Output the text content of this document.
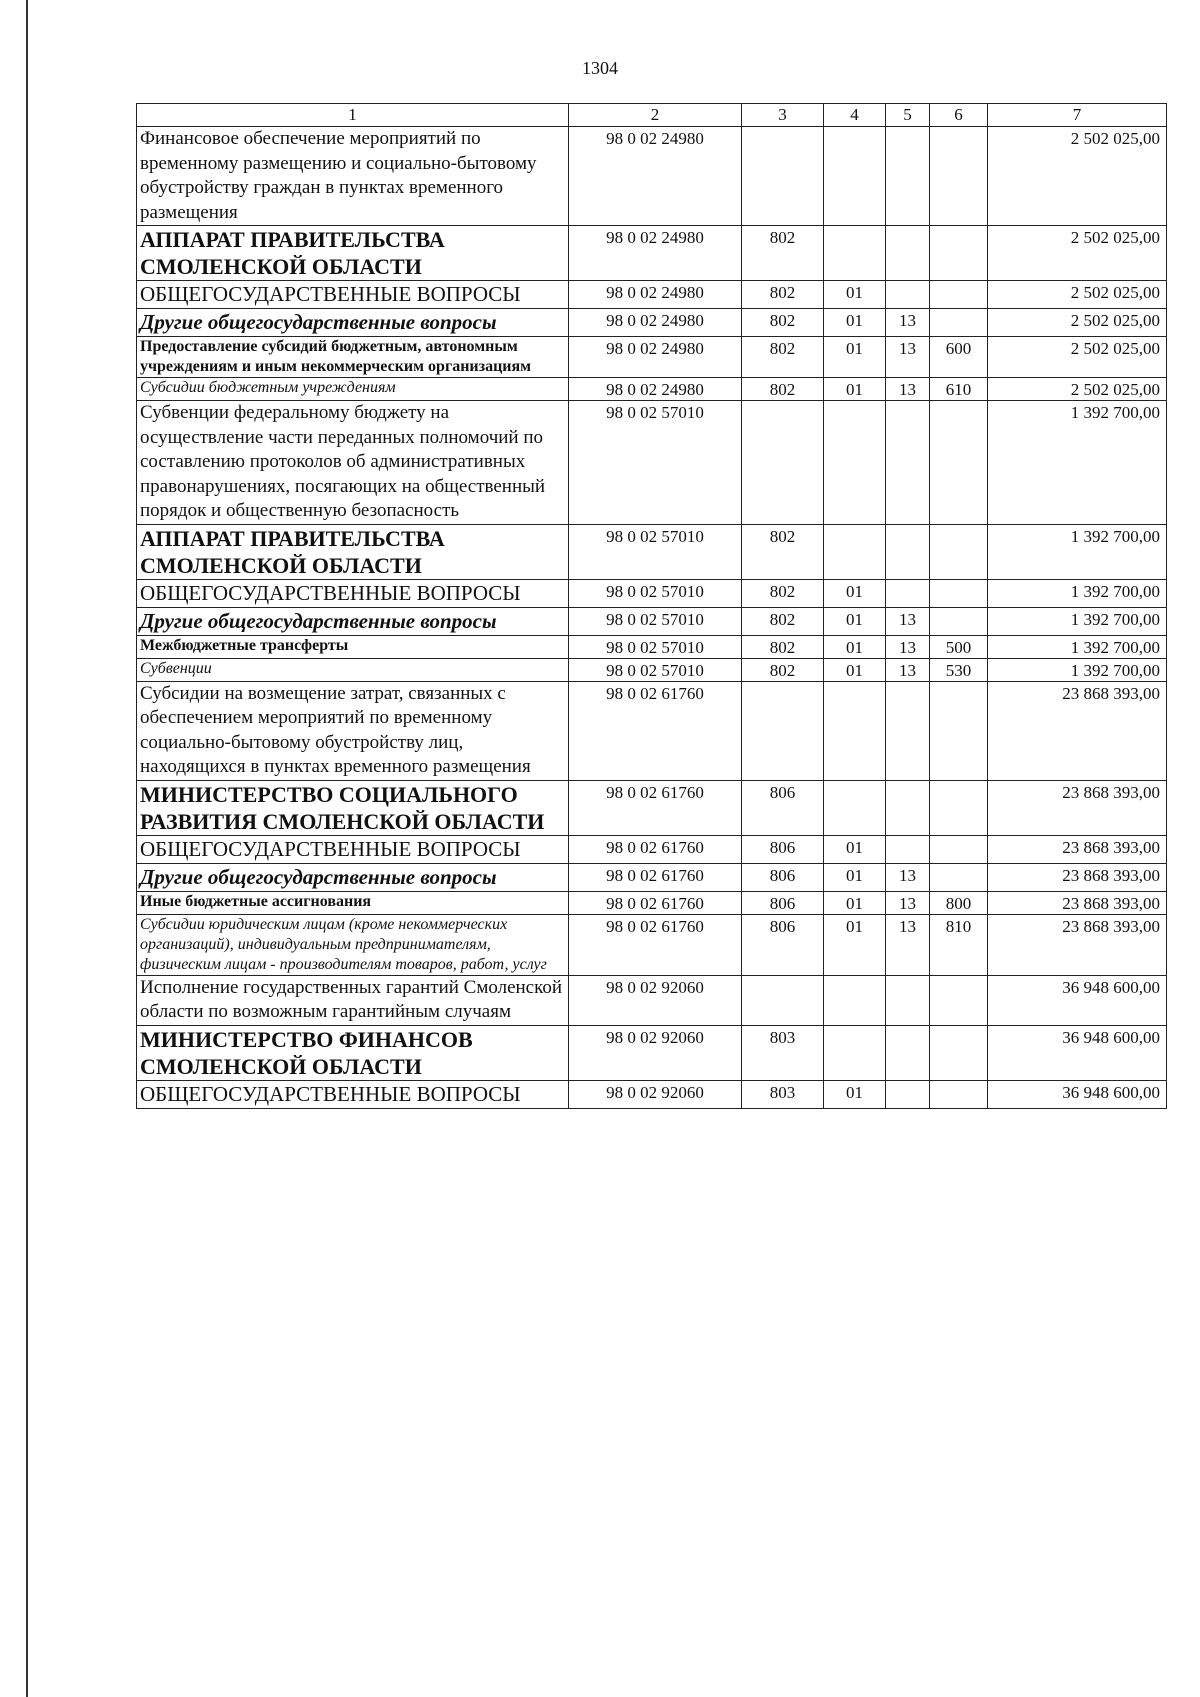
1304
1	2	3	4	5	6	7
Финансовое обеспечение мероприятий по временному размещению и социально-бытовому обустройству граждан в пунктах временного размещения	98 0 02 24980					2 502 025,00
АППАРАТ ПРАВИТЕЛЬСТВА СМОЛЕНСКОЙ ОБЛАСТИ	98 0 02 24980	802				2 502 025,00
ОБЩЕГОСУДАРСТВЕННЫЕ ВОПРОСЫ	98 0 02 24980	802	01			2 502 025,00
Другие общегосударственные вопросы	98 0 02 24980	802	01	13		2 502 025,00
Предоставление субсидий бюджетным, автономным учреждениям и иным некоммерческим организациям	98 0 02 24980	802	01	13	600	2 502 025,00
Субсидии бюджетным учреждениям	98 0 02 24980	802	01	13	610	2 502 025,00
Субвенции федеральному бюджету на осуществление части переданных полномочий по составлению протоколов об административных правонарушениях, посягающих на общественный порядок и общественную безопасность	98 0 02 57010					1 392 700,00
АППАРАТ ПРАВИТЕЛЬСТВА СМОЛЕНСКОЙ ОБЛАСТИ	98 0 02 57010	802				1 392 700,00
ОБЩЕГОСУДАРСТВЕННЫЕ ВОПРОСЫ	98 0 02 57010	802	01			1 392 700,00
Другие общегосударственные вопросы	98 0 02 57010	802	01	13		1 392 700,00
Межбюджетные трансферты	98 0 02 57010	802	01	13	500	1 392 700,00
Субвенции	98 0 02 57010	802	01	13	530	1 392 700,00
Субсидии на возмещение затрат, связанных с обеспечением мероприятий по временному социально-бытовому обустройству лиц, находящихся в пунктах временного размещения	98 0 02 61760					23 868 393,00
МИНИСТЕРСТВО СОЦИАЛЬНОГО РАЗВИТИЯ СМОЛЕНСКОЙ ОБЛАСТИ	98 0 02 61760	806				23 868 393,00
ОБЩЕГОСУДАРСТВЕННЫЕ ВОПРОСЫ	98 0 02 61760	806	01			23 868 393,00
Другие общегосударственные вопросы	98 0 02 61760	806	01	13		23 868 393,00
Иные бюджетные ассигнования	98 0 02 61760	806	01	13	800	23 868 393,00
Субсидии юридическим лицам (кроме некоммерческих организаций), индивидуальным предпринимателям, физическим лицам - производителям товаров, работ, услуг	98 0 02 61760	806	01	13	810	23 868 393,00
Исполнение государственных гарантий Смоленской области по возможным гарантийным случаям	98 0 02 92060					36 948 600,00
МИНИСТЕРСТВО ФИНАНСОВ СМОЛЕНСКОЙ ОБЛАСТИ	98 0 02 92060	803				36 948 600,00
ОБЩЕГОСУДАРСТВЕННЫЕ ВОПРОСЫ	98 0 02 92060	803	01			36 948 600,00
